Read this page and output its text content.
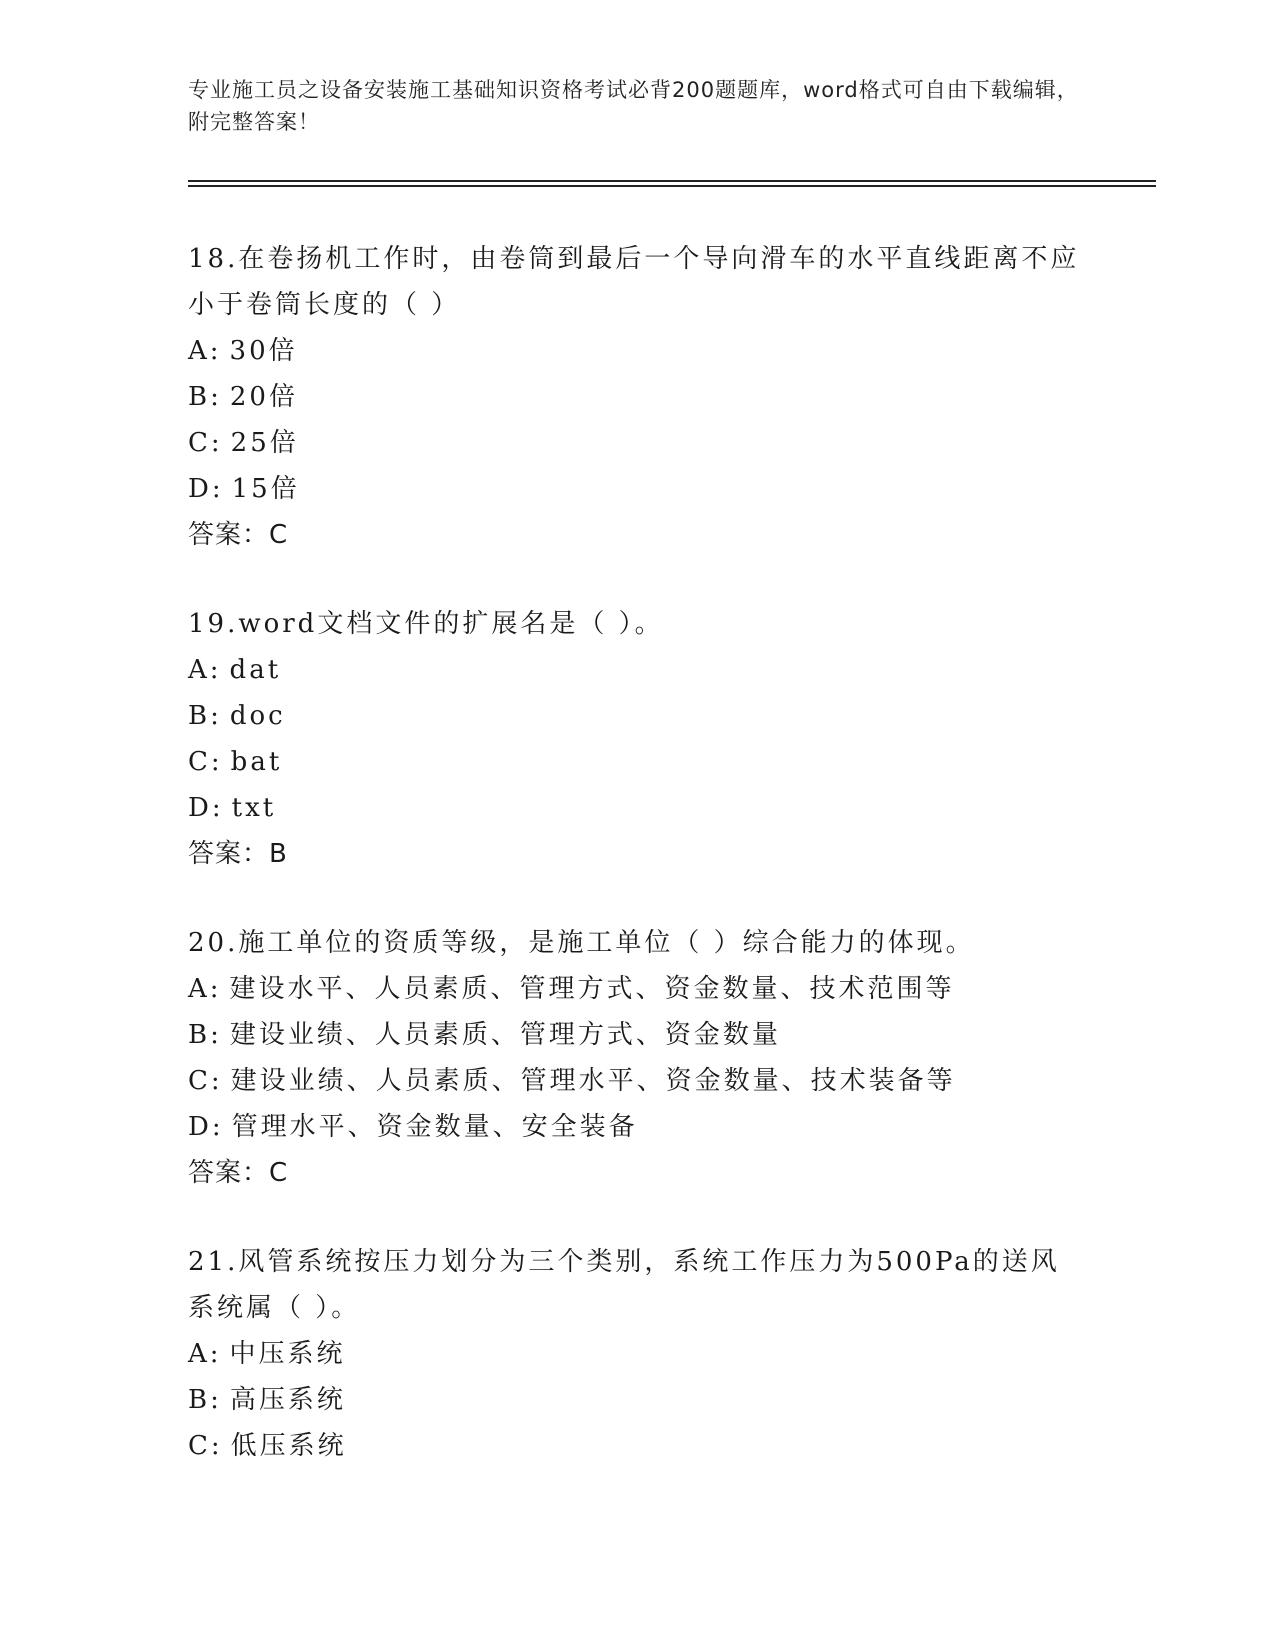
专业施工员之设备安装施工基础知识资格考试必背200题题库，word格式可自由下载编辑，附完整答案！
18.在卷扬机工作时，由卷筒到最后一个导向滑车的水平直线距离不应小于卷筒长度的（ ）
A: 30倍
B: 20倍
C: 25倍
D: 15倍
答案：C
19.word文档文件的扩展名是（ ）。
A: dat
B: doc
C: bat
D: txt
答案：B
20.施工单位的资质等级，是施工单位（ ）综合能力的体现。
A: 建设水平、人员素质、管理方式、资金数量、技术范围等
B: 建设业绩、人员素质、管理方式、资金数量
C: 建设业绩、人员素质、管理水平、资金数量、技术装备等
D: 管理水平、资金数量、安全装备
答案：C
21.风管系统按压力划分为三个类别，系统工作压力为500Pa的送风系统属（ ）。
A: 中压系统
B: 高压系统
C: 低压系统
